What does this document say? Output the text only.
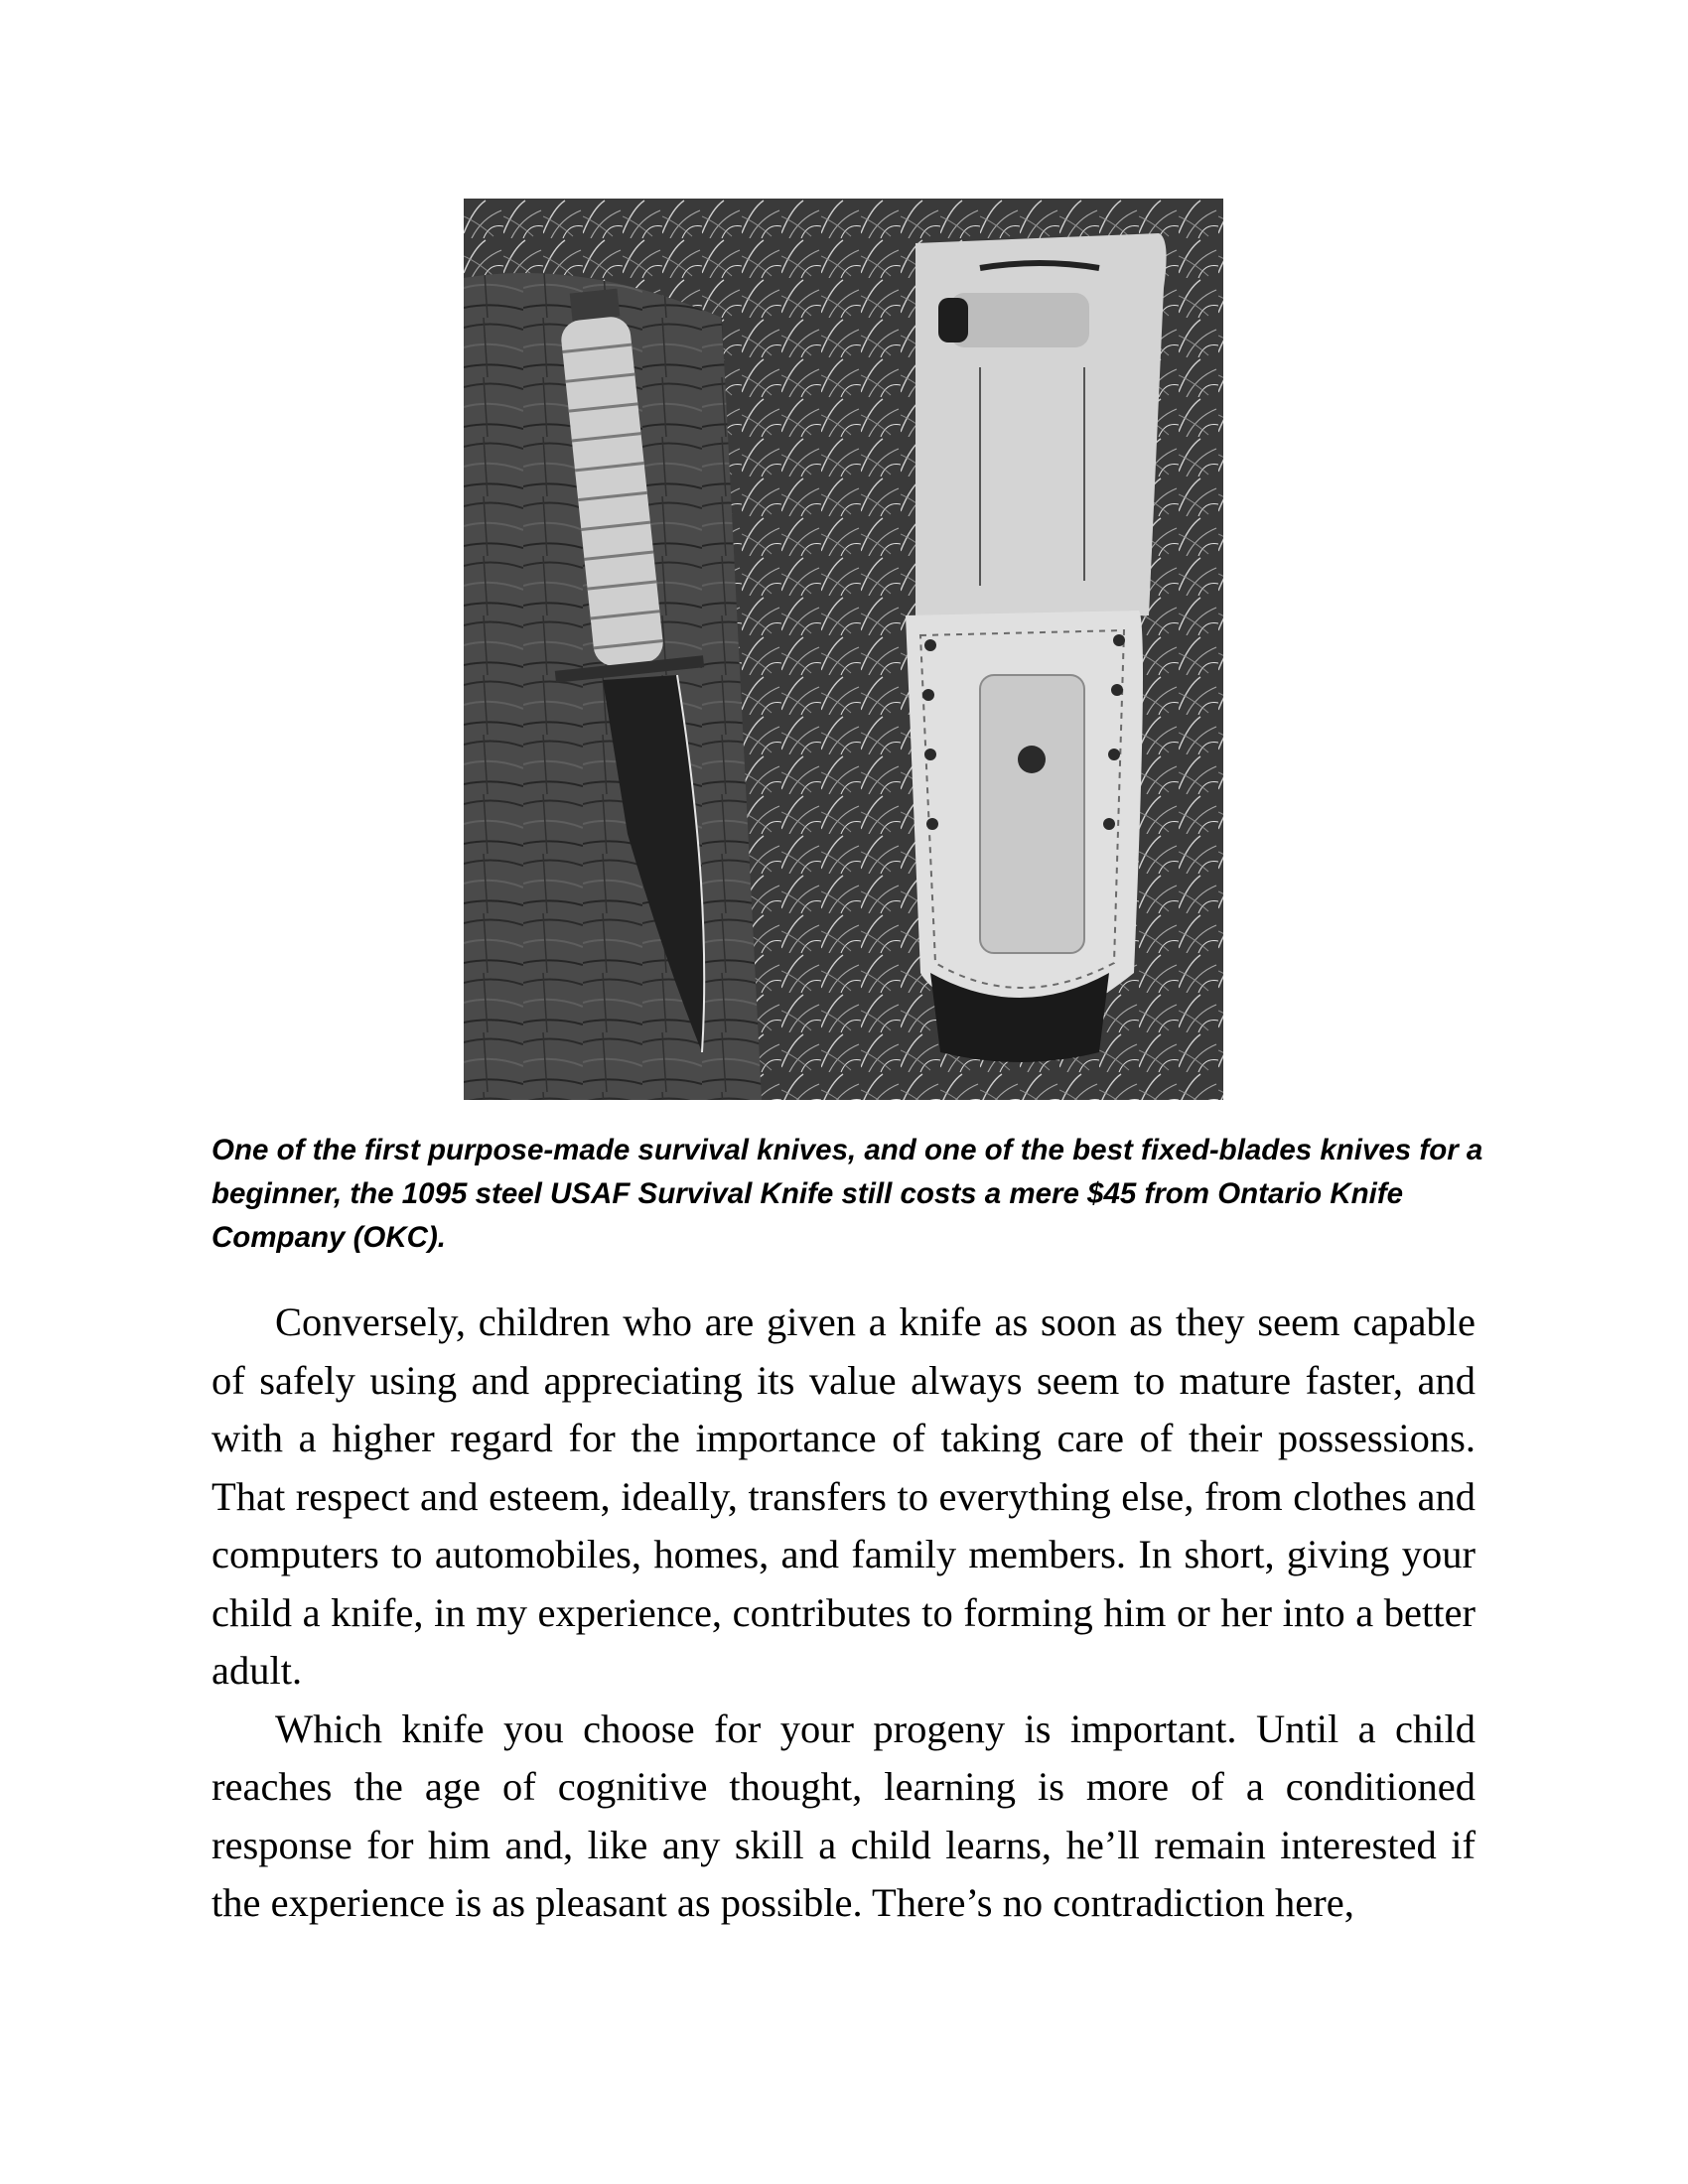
One of the first purpose-made survival knives, and one of the best fixed-blades knives for a beginner, the 1095 steel USAF Survival Knife still costs a mere $45 from Ontario Knife Company (OKC).

Conversely, children who are given a knife as soon as they seem capable of safely using and appreciating its value always seem to mature faster, and with a higher regard for the importance of taking care of their possessions. That respect and esteem, ideally, transfers to everything else, from clothes and computers to automobiles, homes, and family members. In short, giving your child a knife, in my experience, contributes to forming him or her into a better adult.

Which knife you choose for your progeny is important. Until a child reaches the age of cognitive thought, learning is more of a conditioned response for him and, like any skill a child learns, he’ll remain interested if the experience is as pleasant as possible. There’s no contradiction here,
